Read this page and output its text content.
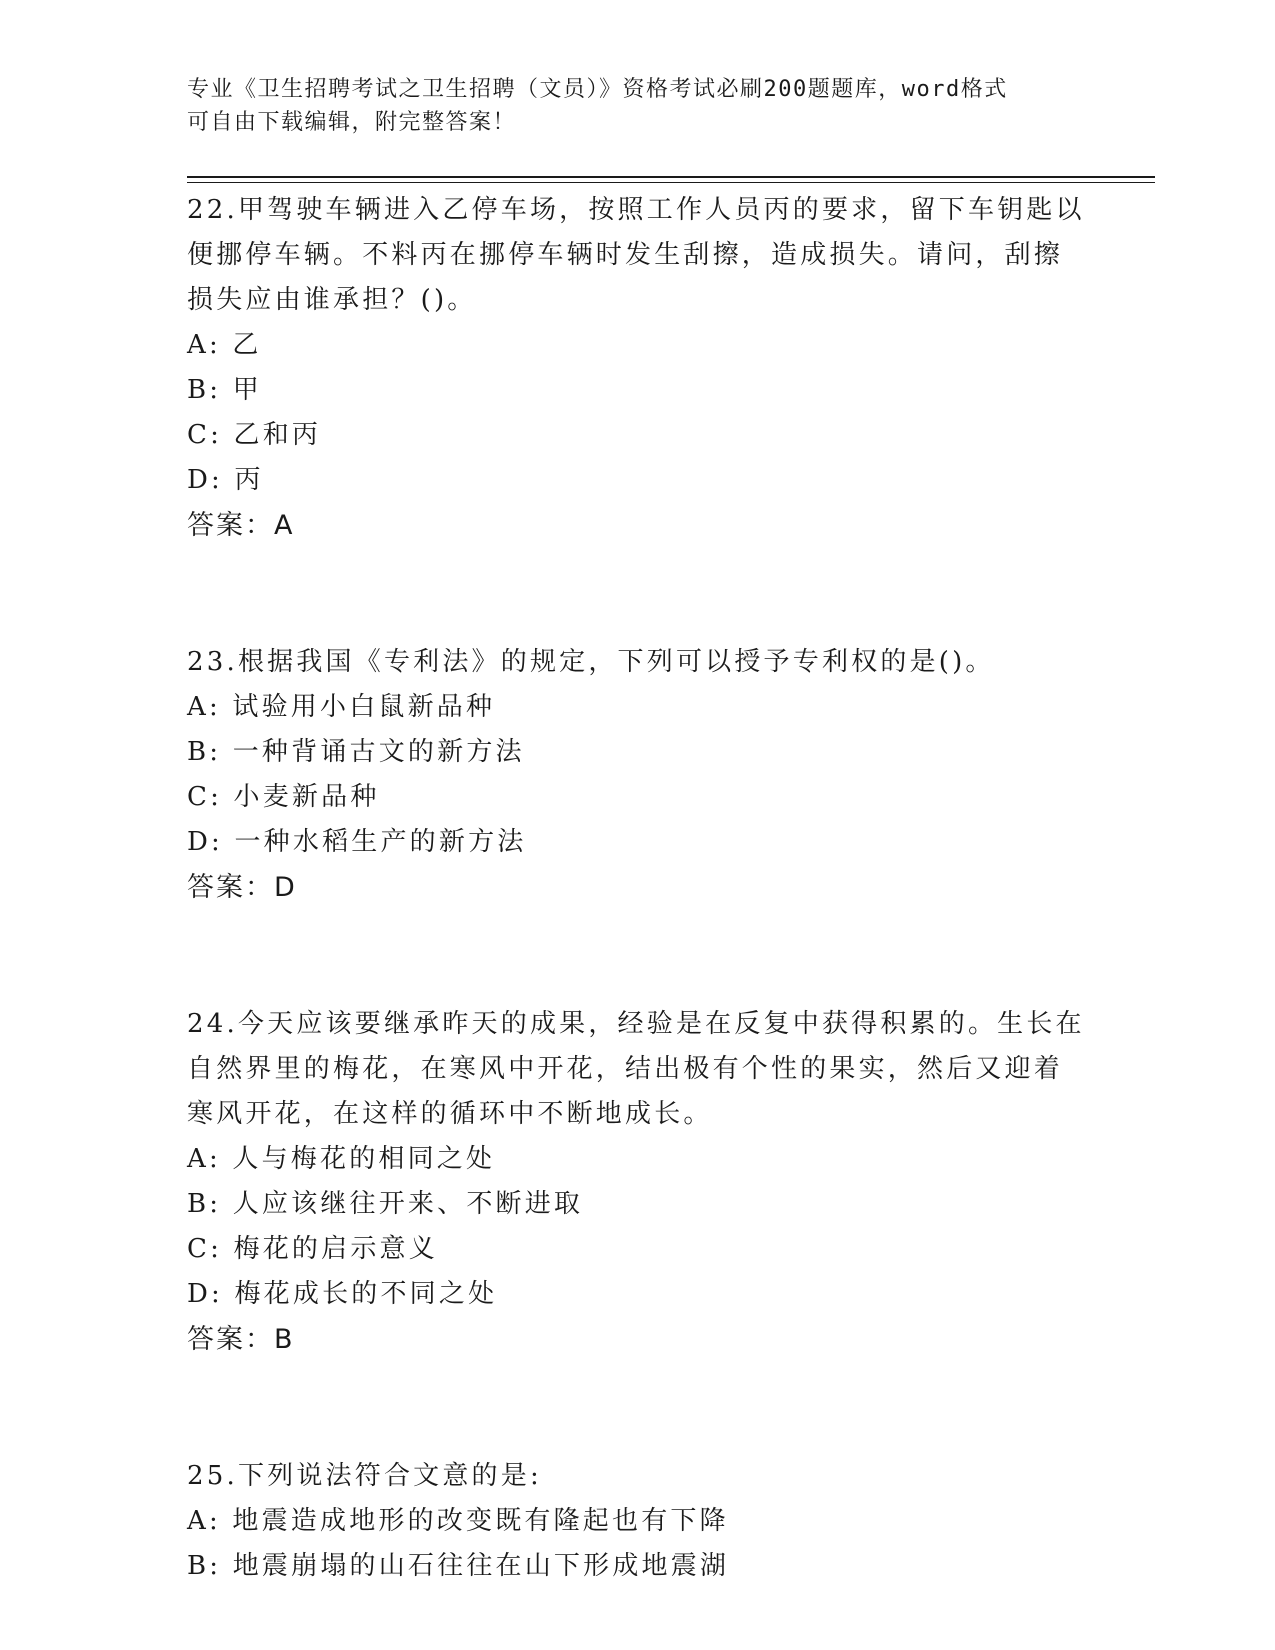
专业《卫生招聘考试之卫生招聘（文员）》资格考试必刷200题题库，word格式
可自由下载编辑，附完整答案！
22.甲驾驶车辆进入乙停车场，按照工作人员丙的要求，留下车钥匙以
便挪停车辆。不料丙在挪停车辆时发生刮擦，造成损失。请问，刮擦
损失应由谁承担？()。
A: 乙
B: 甲
C: 乙和丙
D: 丙
答案：A
23.根据我国《专利法》的规定，下列可以授予专利权的是()。
A: 试验用小白鼠新品种
B: 一种背诵古文的新方法
C: 小麦新品种
D: 一种水稻生产的新方法
答案：D
24.今天应该要继承昨天的成果，经验是在反复中获得积累的。生长在
自然界里的梅花，在寒风中开花，结出极有个性的果实，然后又迎着
寒风开花，在这样的循环中不断地成长。
A: 人与梅花的相同之处
B: 人应该继往开来、不断进取
C: 梅花的启示意义
D: 梅花成长的不同之处
答案：B
25.下列说法符合文意的是:
A: 地震造成地形的改变既有隆起也有下降
B: 地震崩塌的山石往往在山下形成地震湖
